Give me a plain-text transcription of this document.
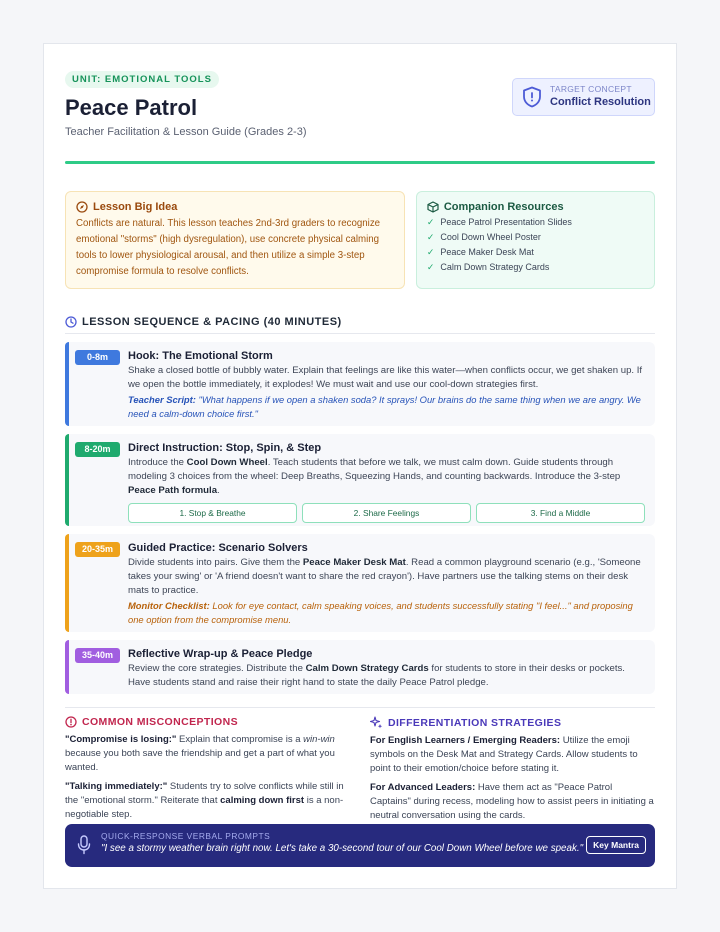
UNIT: EMOTIONAL TOOLS
Peace Patrol
Teacher Facilitation & Lesson Guide (Grades 2-3)
TARGET CONCEPT
Conflict Resolution
Lesson Big Idea

Conflicts are natural. This lesson teaches 2nd-3rd graders to recognize emotional "storms" (high dysregulation), use concrete physical calming tools to lower physiological arousal, and then utilize a simple 3-step compromise formula to resolve conflicts.

Companion Resources
✓ Peace Patrol Presentation Slides
✓ Cool Down Wheel Poster
✓ Peace Maker Desk Mat
✓ Calm Down Strategy Cards
LESSON SEQUENCE & PACING (40 MINUTES)
0-8m	Hook: The Emotional Storm
Shake a closed bottle of bubbly water. Explain that feelings are like this water—when conflicts occur, we get shaken up. If we open the bottle immediately, it explodes! We must wait and use our cool-down strategies first.
Teacher Script: "What happens if we open a shaken soda? It sprays! Our brains do the same thing when we are angry. We need a calm-down choice first."
8-20m	Direct Instruction: Stop, Spin, & Step
Introduce the Cool Down Wheel. Teach students that before we talk, we must calm down. Guide students through modeling 3 choices from the wheel: Deep Breaths, Squeezing Hands, and counting backwards. Introduce the 3-step Peace Path formula.
1. Stop & Breathe	2. Share Feelings	3. Find a Middle
20-35m	Guided Practice: Scenario Solvers
Divide students into pairs. Give them the Peace Maker Desk Mat. Read a common playground scenario (e.g., 'Someone takes your swing' or 'A friend doesn't want to share the red crayon'). Have partners use the talking stems on their desk mats to practice.
Monitor Checklist: Look for eye contact, calm speaking voices, and students successfully stating "I feel..." and proposing one option from the compromise menu.
35-40m	Reflective Wrap-up & Peace Pledge
Review the core strategies. Distribute the Calm Down Strategy Cards for students to store in their desks or pockets. Have students stand and raise their right hand to state the daily Peace Patrol pledge.
COMMON MISCONCEPTIONS

"Compromise is losing:" Explain that compromise is a win-win because you both save the friendship and get a part of what you wanted.

"Talking immediately:" Students try to solve conflicts while still in the "emotional storm." Reiterate that calming down first is a non-negotiable step.

DIFFERENTIATION STRATEGIES

For English Learners / Emerging Readers: Utilize the emoji symbols on the Desk Mat and Strategy Cards. Allow students to point to their emotion/choice before stating it.

For Advanced Leaders: Have them act as "Peace Patrol Captains" during recess, modeling how to assist peers in initiating a neutral conversation using the cards.

QUICK-RESPONSE VERBAL PROMPTS
"I see a stormy weather brain right now. Let's take a 30-second tour of our Cool Down Wheel before we speak."	Key Mantra
